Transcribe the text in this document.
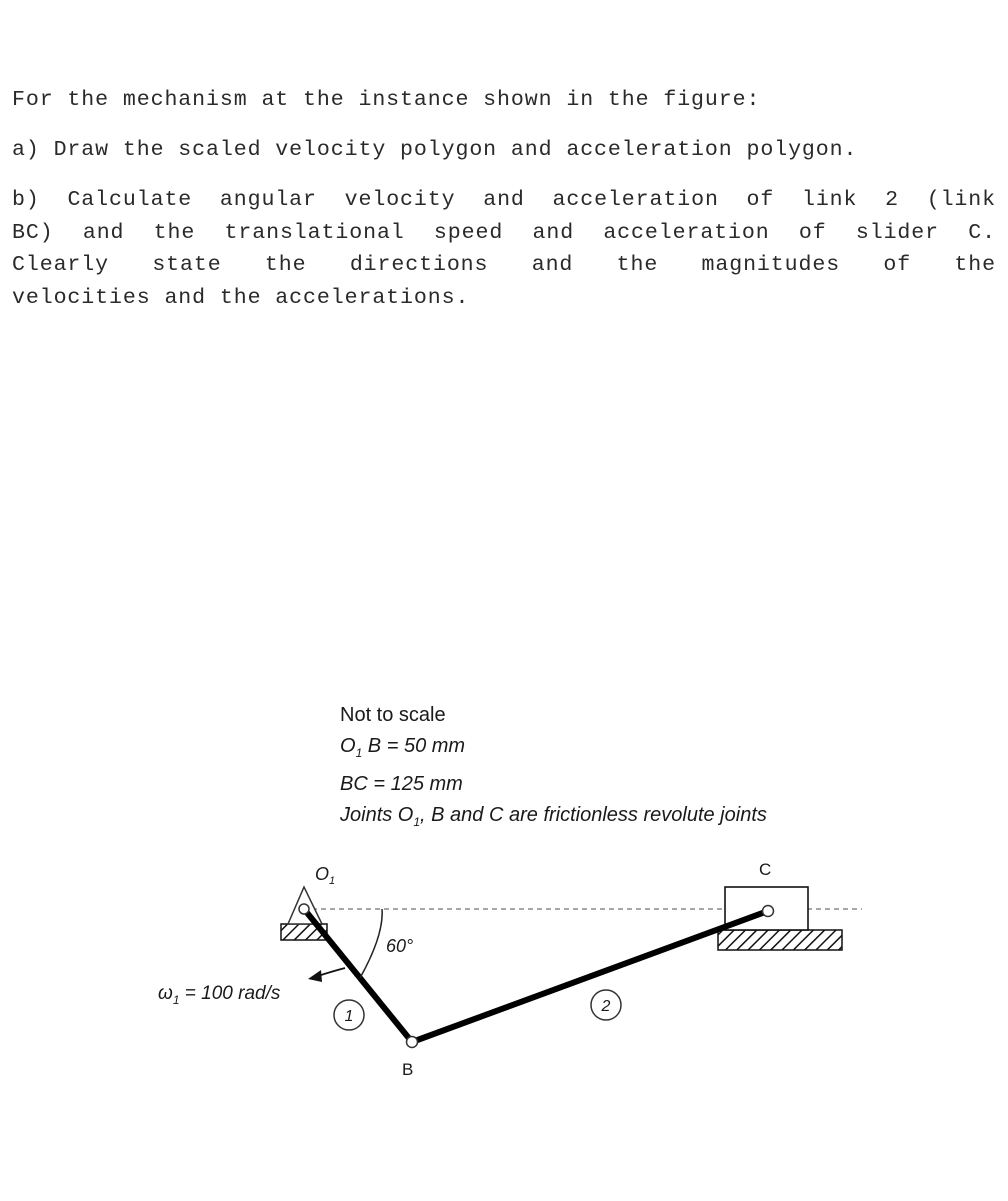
For the mechanism at the instance shown in the figure:

a) Draw the scaled velocity polygon and acceleration polygon.

b) Calculate angular velocity and acceleration of link 2 (link
BC) and the translational speed and acceleration of slider C.
Clearly state the directions and the magnitudes of the
velocities and the accelerations.

Not to scale
$O_1$ B = 50 mm
BC = 125 mm
Joints $O_1$, B and C are frictionless revolute joints
60°
$\omega_1 = 100$ rad/s
1
2
$O_1$
B
C
